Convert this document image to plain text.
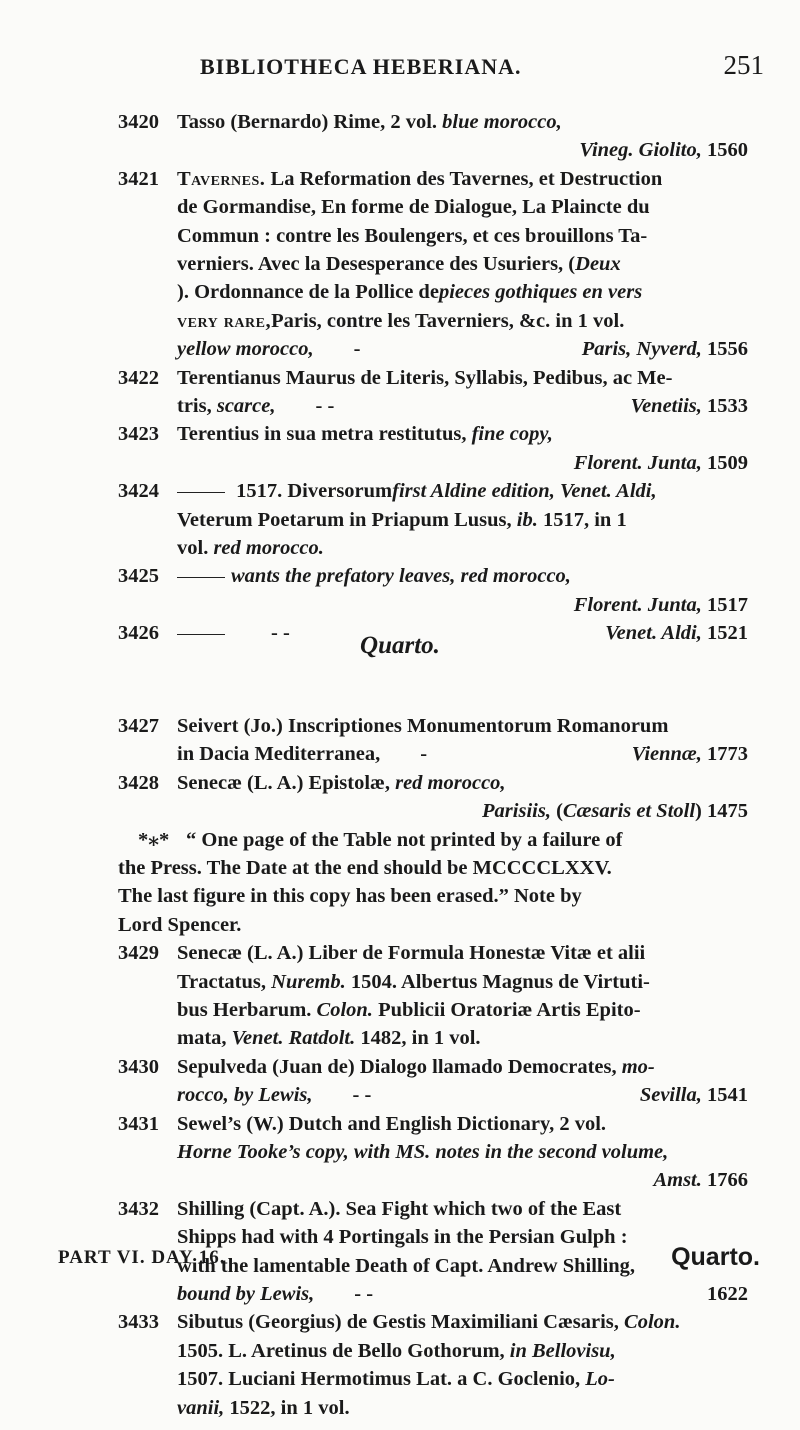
BIBLIOTHECA HEBERIANA.	251
3420 Tasso (Bernardo) Rime, 2 vol. blue morocco,
Vineg. Giolito, 1560
3421 Tavernes. La Reformation des Tavernes, et Destruction
de Gormandise, En forme de Dialogue, La Plaincte du
Commun : contre les Boulengers, et ces brouillons Ta-
verniers. Avec la Desesperance des Usuriers, (Deux
). Ordonnance de la Pollice depieces gothiques en vers
very rare,Paris, contre les Taverniers, &c. in 1 vol.
yellow morocco, -	Paris, Nyverd, 1556
3422 Terentianus Maurus de Literis, Syllabis, Pedibus, ac Me-
tris, scarce, - -	Venetiis, 1533
3423 Terentius in sua metra restitutus, fine copy,
Florent. Junta, 1509
3424	1517. Diversorumfirst Aldine edition, Venet. Aldi,
Veterum Poetarum in Priapum Lusus, ib. 1517, in 1
vol. red morocco.
3425	wants the prefatory leaves, red morocco,
Florent. Junta, 1517
3426	- -	Venet. Aldi, 1521
Quarto.
3427 Seivert (Jo.) Inscriptiones Monumentorum Romanorum
in Dacia Mediterranea, -	Viennæ, 1773
3428 Senecæ (L. A.) Epistolæ, red morocco,
Parisiis, (Cæsaris et Stoll) 1475
*⁎* “ One page of the Table not printed by a failure of
the Press. The Date at the end should be MCCCCLXXV.
The last figure in this copy has been erased.” Note by
Lord Spencer.
3429 Senecæ (L. A.) Liber de Formula Honestæ Vitæ et alii
Tractatus, Nuremb. 1504. Albertus Magnus de Virtuti-
bus Herbarum. Colon. Publicii Oratoriæ Artis Epito-
mata, Venet. Ratdolt. 1482, in 1 vol.
3430 Sepulveda (Juan de) Dialogo llamado Democrates, mo-
rocco, by Lewis, - -	Sevilla, 1541
3431 Sewel’s (W.) Dutch and English Dictionary, 2 vol.
Horne Tooke’s copy, with MS. notes in the second volume,
Amst. 1766
3432 Shilling (Capt. A.). Sea Fight which two of the East
Shipps had with 4 Portingals in the Persian Gulph :
with the lamentable Death of Capt. Andrew Shilling,
bound by Lewis, - -	1622
3433 Sibutus (Georgius) de Gestis Maximiliani Cæsaris, Colon.
1505. L. Aretinus de Bello Gothorum, in Bellovisu,
1507. Luciani Hermotimus Lat. a C. Goclenio, Lo-
vanii, 1522, in 1 vol.
PART VI. DAY 16.	Quarto.
